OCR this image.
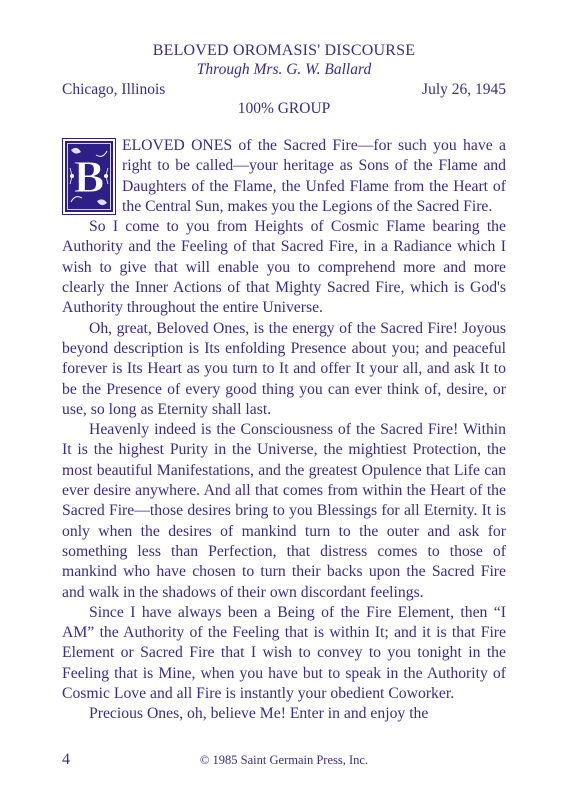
BELOVED OROMASIS' DISCOURSE
Through Mrs. G. W. Ballard
Chicago, Illinois	July 26, 1945
100% GROUP

B
ELOVED ONES of the Sacred Fire—for such you have a right to be called—your heritage as Sons of the Flame and Daughters of the Flame, the Unfed Flame from the Heart of the Central Sun, makes you the Legions of the Sacred Fire.

So I come to you from Heights of Cosmic Flame bearing the Authority and the Feeling of that Sacred Fire, in a Radiance which I wish to give that will enable you to comprehend more and more clearly the Inner Actions of that Mighty Sacred Fire, which is God's Authority throughout the entire Universe.

Oh, great, Beloved Ones, is the energy of the Sacred Fire! Joyous beyond description is Its enfolding Presence about you; and peaceful forever is Its Heart as you turn to It and offer It your all, and ask It to be the Presence of every good thing you can ever think of, desire, or use, so long as Eternity shall last.

Heavenly indeed is the Consciousness of the Sacred Fire! Within It is the highest Purity in the Universe, the mightiest Protection, the most beautiful Manifestations, and the greatest Opulence that Life can ever desire anywhere. And all that comes from within the Heart of the Sacred Fire—those desires bring to you Blessings for all Eternity. It is only when the desires of mankind turn to the outer and ask for something less than Perfection, that distress comes to those of mankind who have chosen to turn their backs upon the Sacred Fire and walk in the shadows of their own discordant feelings.

Since I have always been a Being of the Fire Element, then “I AM” the Authority of the Feeling that is within It; and it is that Fire Element or Sacred Fire that I wish to convey to you tonight in the Feeling that is Mine, when you have but to speak in the Authority of Cosmic Love and all Fire is instantly your obedient Coworker.

Precious Ones, oh, believe Me! Enter in and enjoy the

4	© 1985 Saint Germain Press, Inc.
